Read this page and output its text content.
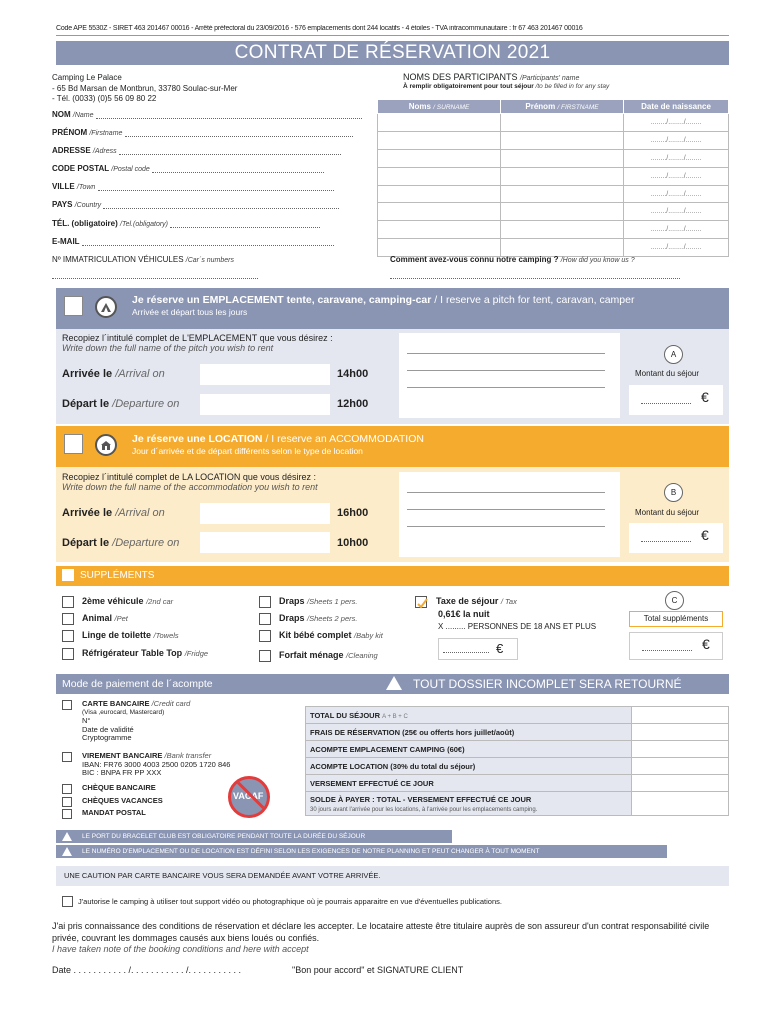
Code APE 5530Z - SIRET 463 201467 00016 - Arrêté préfectoral du 23/09/2016 - 576 emplacements dont 244 locatifs - 4 étoiles - TVA intracommunautaire : fr 67 463 201467 00016
CONTRAT DE RÉSERVATION 2021
Camping Le Palace
- 65 Bd Marsan de Montbrun, 33780 Soulac-sur-Mer
- Tél. (0033) (0)5 56 09 80 22
NOM /Name
PRÉNOM /Firstname
ADRESSE /Adress
CODE POSTAL /Postal code
VILLE /Town
PAYS /Country
TÉL. (obligatoire) /Tel.(obligatory)
E-MAIL
Nº IMMATRICULATION VÉHICULES /Car´s numbers
NOMS DES PARTICIPANTS /Participants' name
À remplir obligatoirement pour tout séjour /to be filled in for any stay
Noms / SURNAME	Prénom / FIRSTNAME	Date de naissance
		......../......../........
		......../......../........
		......../......../........
		......../......../........
		......../......../........
		......../......../........
		......../......../........
		......../......../........
Comment avez-vous connu notre camping ? /How did you know us ?
Je réserve un EMPLACEMENT tente, caravane, camping-car / I reserve a pitch for tent, caravan, camper
Arrivée et départ tous les jours
Recopiez l´intitulé complet de L'EMPLACEMENT que vous désirez :
Write down the full name of the pitch you wish to rent
Arrivée le /Arrival on	14h00
Départ le /Departure on	12h00
A
Montant du séjour
€
Je réserve une LOCATION / I reserve an ACCOMMODATION
Jour d´arrivée et de départ différents selon le type de location
Recopiez l´intitulé complet de LA LOCATION que vous désirez :
Write down the full name of the accommodation you wish to rent
Arrivée le /Arrival on	16h00
Départ le /Departure on	10h00
B
Montant du séjour
€
SUPPLÉMENTS
2ème véhicule /2nd car
Animal /Pet
Linge de toilette /Towels
Réfrigérateur Table Top /Fridge
Draps /Sheets 1 pers.
Draps /Sheets 2 pers.
Kit bébé complet /Baby kit
Forfait ménage /Cleaning
Taxe de séjour / Tax
0,61€ la nuit
X ......... PERSONNES DE 18 ANS ET PLUS
€
C
Total suppléments
€
Mode de paiement de l´acompte	TOUT DOSSIER INCOMPLET SERA RETOURNÉ
CARTE BANCAIRE /Credit card
(Visa ,eurocard, Mastercard)
N°
Date de validité
Cryptogramme
VIREMENT BANCAIRE /Bank transfer
IBAN: FR76 3000 4003 2500 0205 1720 846
BIC : BNPA FR PP XXX
CHÈQUE BANCAIRE
CHÈQUES VACANCES
MANDAT POSTAL
VACAF
TOTAL DU SÉJOUR A + B + C	
FRAIS DE RÉSERVATION (25€ ou offerts hors juillet/août)	
ACOMPTE EMPLACEMENT CAMPING (60€)	
ACOMPTE LOCATION (30% du total du séjour)	
VERSEMENT EFFECTUÉ CE JOUR	

SOLDE À PAYER : TOTAL - VERSEMENT EFFECTUÉ CE JOUR
30 jours avant l'arrivée pour les locations, à l'arrivée pour les emplacements camping.	
LE PORT DU BRACELET CLUB EST OBLIGATOIRE PENDANT TOUTE LA DURÉE DU SÉJOUR
LE NUMÉRO D'EMPLACEMENT OU DE LOCATION EST DÉFINI SELON LES EXIGENCES DE NOTRE PLANNING ET PEUT CHANGER À TOUT MOMENT
UNE CAUTION PAR CARTE BANCAIRE VOUS SERA DEMANDÉE AVANT VOTRE ARRIVÉE.
J'autorise le camping à utiliser tout support vidéo ou photographique où je pourrais apparaitre en vue d'éventuelles publications.
J'ai pris connaissance des conditions de réservation et déclare les accepter. Le locataire atteste être titulaire auprès de son assureur d'un contrat responsabilité civile privée, couvrant les dommages causés aux biens loués ou confiés.
I have taken note of the booking conditions and here with accept
Date . . . . . . . . . . . /. . . . . . . . . . . /. . . . . . . . . . .	"Bon pour accord" et SIGNATURE CLIENT
